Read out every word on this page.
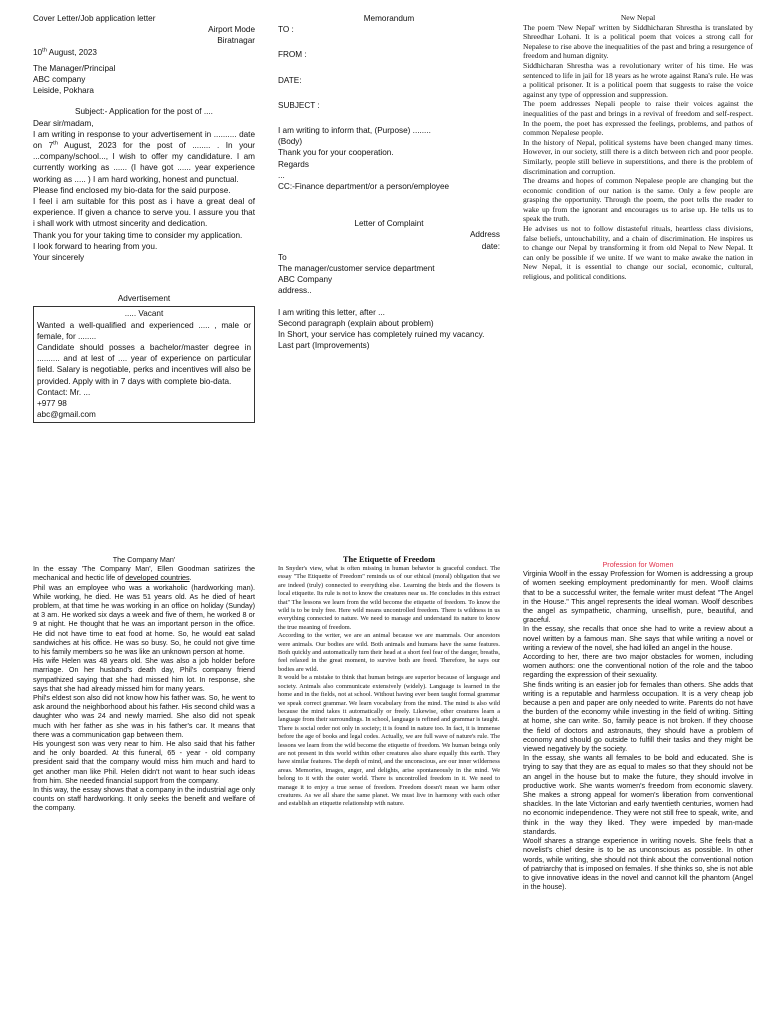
Cover Letter/Job application letter

Airport Mode

Biratnagar

10th August, 2023

The Manager/Principal

ABC company

Leiside, Pokhara

Subject:- Application for the post of ....

Dear sir/madam,

I am writing in response to your advertisement in .......... date on 7th August, 2023 for the post of ........ . In your ...company/school..., I wish to offer my candidature. I am currently working as ...... (I have got ...... year experience working as ..... ) I am hard working, honest and punctual.

Please find enclosed my bio-data for the said purpose.

I feel i am suitable for this post as i have a great deal of experience. If given a chance to serve you. I assure you that i shall work with utmost sincerity and dedication.

Thank you for your taking time to consider my application.

I look forward to hearing from you.

Your sincerely

Advertisement

..... Vacant

Wanted a well-qualified and experienced ..... , male or female, for ........

Candidate should posses a bachelor/master degree in .......... and at lest of .... year of experience on particular field. Salary is negotiable, perks and incentives will also be provided. Apply with in 7 days with complete bio-data.

Contact: Mr. ...

+977 98

abc@gmail.com

Memorandum

TO :

FROM :

DATE:

SUBJECT :

I am writing to inform that, (Purpose) ........

(Body)

Thank you for your cooperation.

Regards

...

CC:-Finance department/or a person/employee

Letter of Complaint

Address

date:

To

The manager/customer service department

ABC Company

address..

I am writing this letter, after ...

Second paragraph (explain about problem)

In Short, your service has completely ruined my vacancy.

Last part (Improvements)

New Nepal

The poem 'New Nepal' written by Siddhicharan Shrestha is translated by Shreedhar Lohani. It is a political poem that voices a strong call for Nepalese to rise above the inequalities of the past and bring a resurgence of freedom and human dignity.

Siddhicharan Shrestha was a revolutionary writer of his time. He was sentenced to life in jail for 18 years as he wrote against Rana's rule. He was a political prisoner. It is a political poem that suggests to raise the voice against any type of oppression and suppression.

The poem addresses Nepali people to raise their voices against the inequalities of the past and brings in a revival of freedom and self-respect. In the poem, the poet has expressed the feelings, problems, and pathos of common Nepalese people.

In the history of Nepal, political systems have been changed many times. However, in our society, still there is a ditch between rich and poor people. Similarly, people still believe in superstitions, and there is the problem of discrimination and corruption.

The dreams and hopes of common Nepalese people are changing but the economic condition of our nation is the same. Only a few people are grasping the opportunity. Through the poem, the poet tells the reader to wake up from the ignorant and encourages us to arise up. He tells us to speak the truth.

He advises us not to follow distasteful rituals, heartless class divisions, false beliefs, untouchability, and a chain of discrimination. He inspires us to change our Nepal by transforming it from old Nepal to New Nepal. It can only be possible if we unite. If we want to make awake the nation in New Nepal, it is essential to change our social, economic, cultural, religious, and political conditions.

The Company Man'

In the essay 'The Company Man', Ellen Goodman satirizes the mechanical and hectic life of developed countries.

Phil was an employee who was a workaholic (hardworking man). While working, he died. He was 51 years old. As he died of heart problem, at that time he was working in an office on holiday (Sunday) at 3 am. He worked six days a week and five of them, he worked 8 or 9 at night. He thought that he was an important person in the office. He did not have time to eat food at home. So, he would eat salad sandwiches at his office. He was so busy. So, he could not give time to his family members so he was like an unknown person at home.

His wife Helen was 48 years old. She was also a job holder before marriage. On her husband's death day, Phil's company friend sympathized saying that she had missed him lot. In response, she says that she had already missed him for many years.

Phil's eldest son also did not know how his father was. So, he went to ask around the neighborhood about his father. His second child was a daughter who was 24 and newly married. She also did not speak much with her father as she was in his father's car. It means that there was a communication gap between them.

His youngest son was very near to him. He also said that his father and he only boarded. At this funeral, 65 - year - old company president said that the company would miss him much and hard to get another man like Phil. Helen didn't not want to hear such ideas from him. She needed financial support from the company.

In this way, the essay shows that a company in the industrial age only counts on staff hardworking. It only seeks the benefit and welfare of the company.

The Etiquette of Freedom

In Snyder's view, what is often missing in human behavior is graceful conduct. The essay "The Etiquette of Freedom" reminds us of our ethical (moral) obligation that we are indeed (truly) connected to everything else. Learning the birds and the flowers is local etiquette. Its rule is not to know the creatures near us. He concludes in this extract that" The lessons we learn from the wild become the etiquette of freedom. To know the wild is to be truly free. Here wild means uncontrolled freedom. There is wildness in us everything connected to nature. We need to manage and understand its nature to know the true meaning of freedom.

According to the writer, we are an animal because we are mammals. Our ancestors were animals. Our bodies are wild. Both animals and humans have the same features. Both quickly and automatically turn their head at a short feel fear of the danger, breaths, feel relaxed in the great moment, to survive both are freed. Therefore, he says our bodies are wild.

It would be a mistake to think that human beings are superior because of language and society. Animals also communicate extensively (widely). Language is learned in the home and in the fields, not at school. Without having ever been taught formal grammar we speak correct grammar. We learn vocabulary from the mind. The mind is also wild because the mind takes it automatically or freely. Likewise, other creatures learn a language from their surroundings. In school, language is refined and grammar is taught.

There is social order not only in society; it is found in nature too. In fact, it is immense before the age of books and legal codes. Actually, we are full wave of nature's rule. The lessons we learn from the wild become the etiquette of freedom. We human beings only are not present in this world within other creatures also share equally this earth. They have similar features. The depth of mind, and the unconscious, are our inner wilderness areas. Memories, images, anger, and delights, arise spontaneously in the mind. We belong to it with the outer world. There is uncontrolled freedom in it. We need to manage it to enjoy a true sense of freedom. Freedom doesn't mean we harm other creatures. As we all share the same planet. We must live in harmony with each other and establish an etiquette relationship with nature.

Profession for Women

Virginia Woolf in the essay Profession for Women is addressing a group of women seeking employment predominantly for men. Woolf claims that to be a successful writer, the female writer must defeat "The Angel in the House." This angel represents the ideal woman. Woolf describes the angel as sympathetic, charming, unselfish, pure, beautiful, and graceful.

In the essay, she recalls that once she had to write a review about a novel written by a famous man. She says that while writing a novel or writing a review of the novel, she had killed an angel in the house.

According to her, there are two major obstacles for women, including women authors: one the conventional notion of the role and the taboo regarding the expression of their sexuality.

She finds writing is an easier job for females than others. She adds that writing is a reputable and harmless occupation. It is a very cheap job because a pen and paper are only needed to write. Parents do not have the burden of the economy while investing in the field of writing. Sitting at home, she can write. So, family peace is not broken. If they choose the field of doctors and astronauts, they should have a problem of economy and should go outside to fulfill their tasks and they might be viewed negatively by the society.

In the essay, she wants all females to be bold and educated. She is trying to say that they are as equal to males so that they should not be an angel in the house but to make the future, they should involve in productive work. She wants women's freedom from economic slavery. She makes a strong appeal for women's liberation from conventional shackles. In the late Victorian and early twentieth centuries, women had no economic independence. They were not still free to speak, write, and think in the way they liked. They were impeded by man-made standards.

Woolf shares a strange experience in writing novels. She feels that a novelist's chief desire is to be as unconscious as possible. In other words, while writing, she should not think about the conventional notion of patriarchy that is imposed on females. If she thinks so, she is not able to give innovative ideas in the novel and cannot kill the phantom (Angel in the house).
